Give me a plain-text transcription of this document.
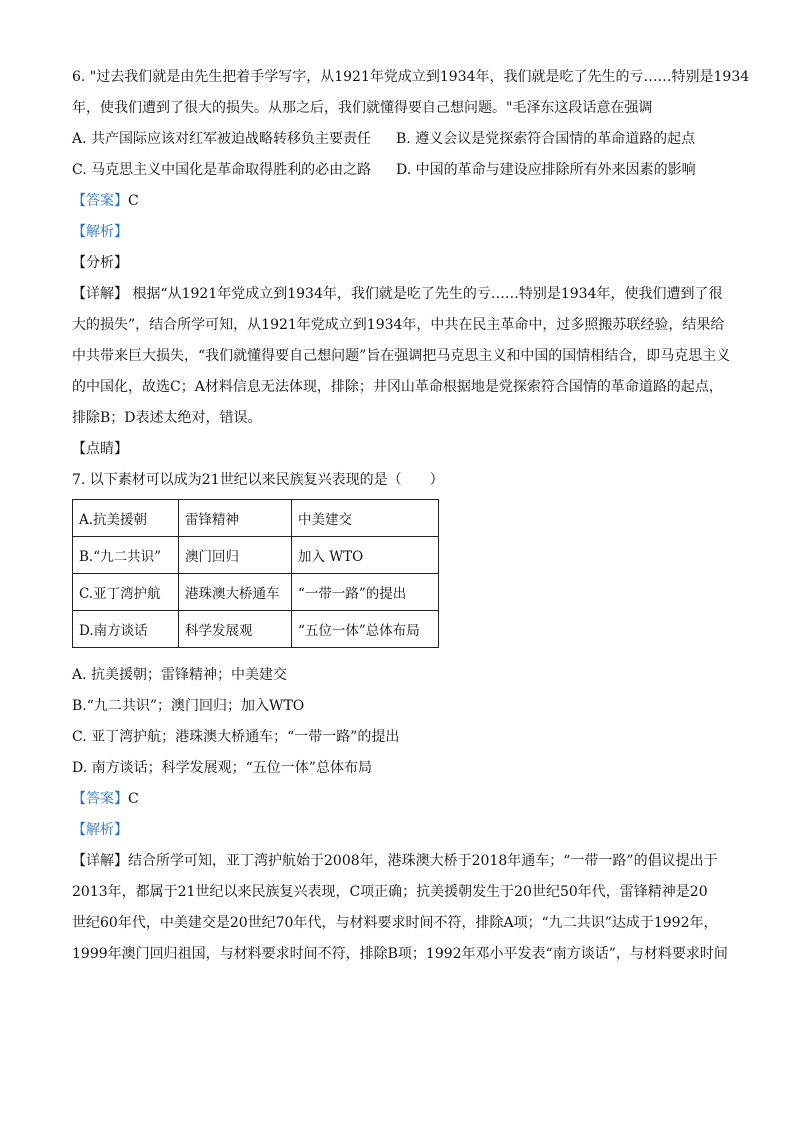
6. "过去我们就是由先生把着手学写字，从1921年党成立到1934年，我们就是吃了先生的亏……特别是1934
年，使我们遭到了很大的损失。从那之后，我们就懂得要自己想问题。"毛泽东这段话意在强调
A. 共产国际应该对红军被迫战略转移负主要责任	B. 遵义会议是党探索符合国情的革命道路的起点
C. 马克思主义中国化是革命取得胜利的必由之路	D. 中国的革命与建设应排除所有外来因素的影响
【答案】C
【解析】
【分析】
【详解】 根据“从1921年党成立到1934年，我们就是吃了先生的亏……特别是1934年，使我们遭到了很
大的损失”，结合所学可知，从1921年党成立到1934年，中共在民主革命中，过多照搬苏联经验，结果给
中共带来巨大损失，“我们就懂得要自己想问题”旨在强调把马克思主义和中国的国情相结合，即马克思主义
的中国化，故选C；A材料信息无法体现，排除；井冈山革命根据地是党探索符合国情的革命道路的起点，
排除B；D表述太绝对，错误。
【点睛】
7. 以下素材可以成为21世纪以来民族复兴表现的是（　　）
A.抗美援朝	雷锋精神	中美建交
B.“九二共识”	澳门回归	加入 WTO
C.亚丁湾护航	港珠澳大桥通车	“一带一路”的提出
D.南方谈话	科学发展观	“五位一体”总体布局
A. 抗美援朝；雷锋精神；中美建交
B.“九二共识”；澳门回归；加入WTO
C. 亚丁湾护航；港珠澳大桥通车；“一带一路”的提出
D. 南方谈话；科学发展观；“五位一体”总体布局
【答案】C
【解析】
【详解】结合所学可知，亚丁湾护航始于2008年，港珠澳大桥于2018年通车；“一带一路”的倡议提出于
2013年，都属于21世纪以来民族复兴表现，C项正确；抗美援朝发生于20世纪50年代，雷锋精神是20
世纪60年代，中美建交是20世纪70年代，与材料要求时间不符，排除A项；“九二共识”达成于1992年，
1999年澳门回归祖国，与材料要求时间不符，排除B项；1992年邓小平发表“南方谈话”，与材料要求时间
